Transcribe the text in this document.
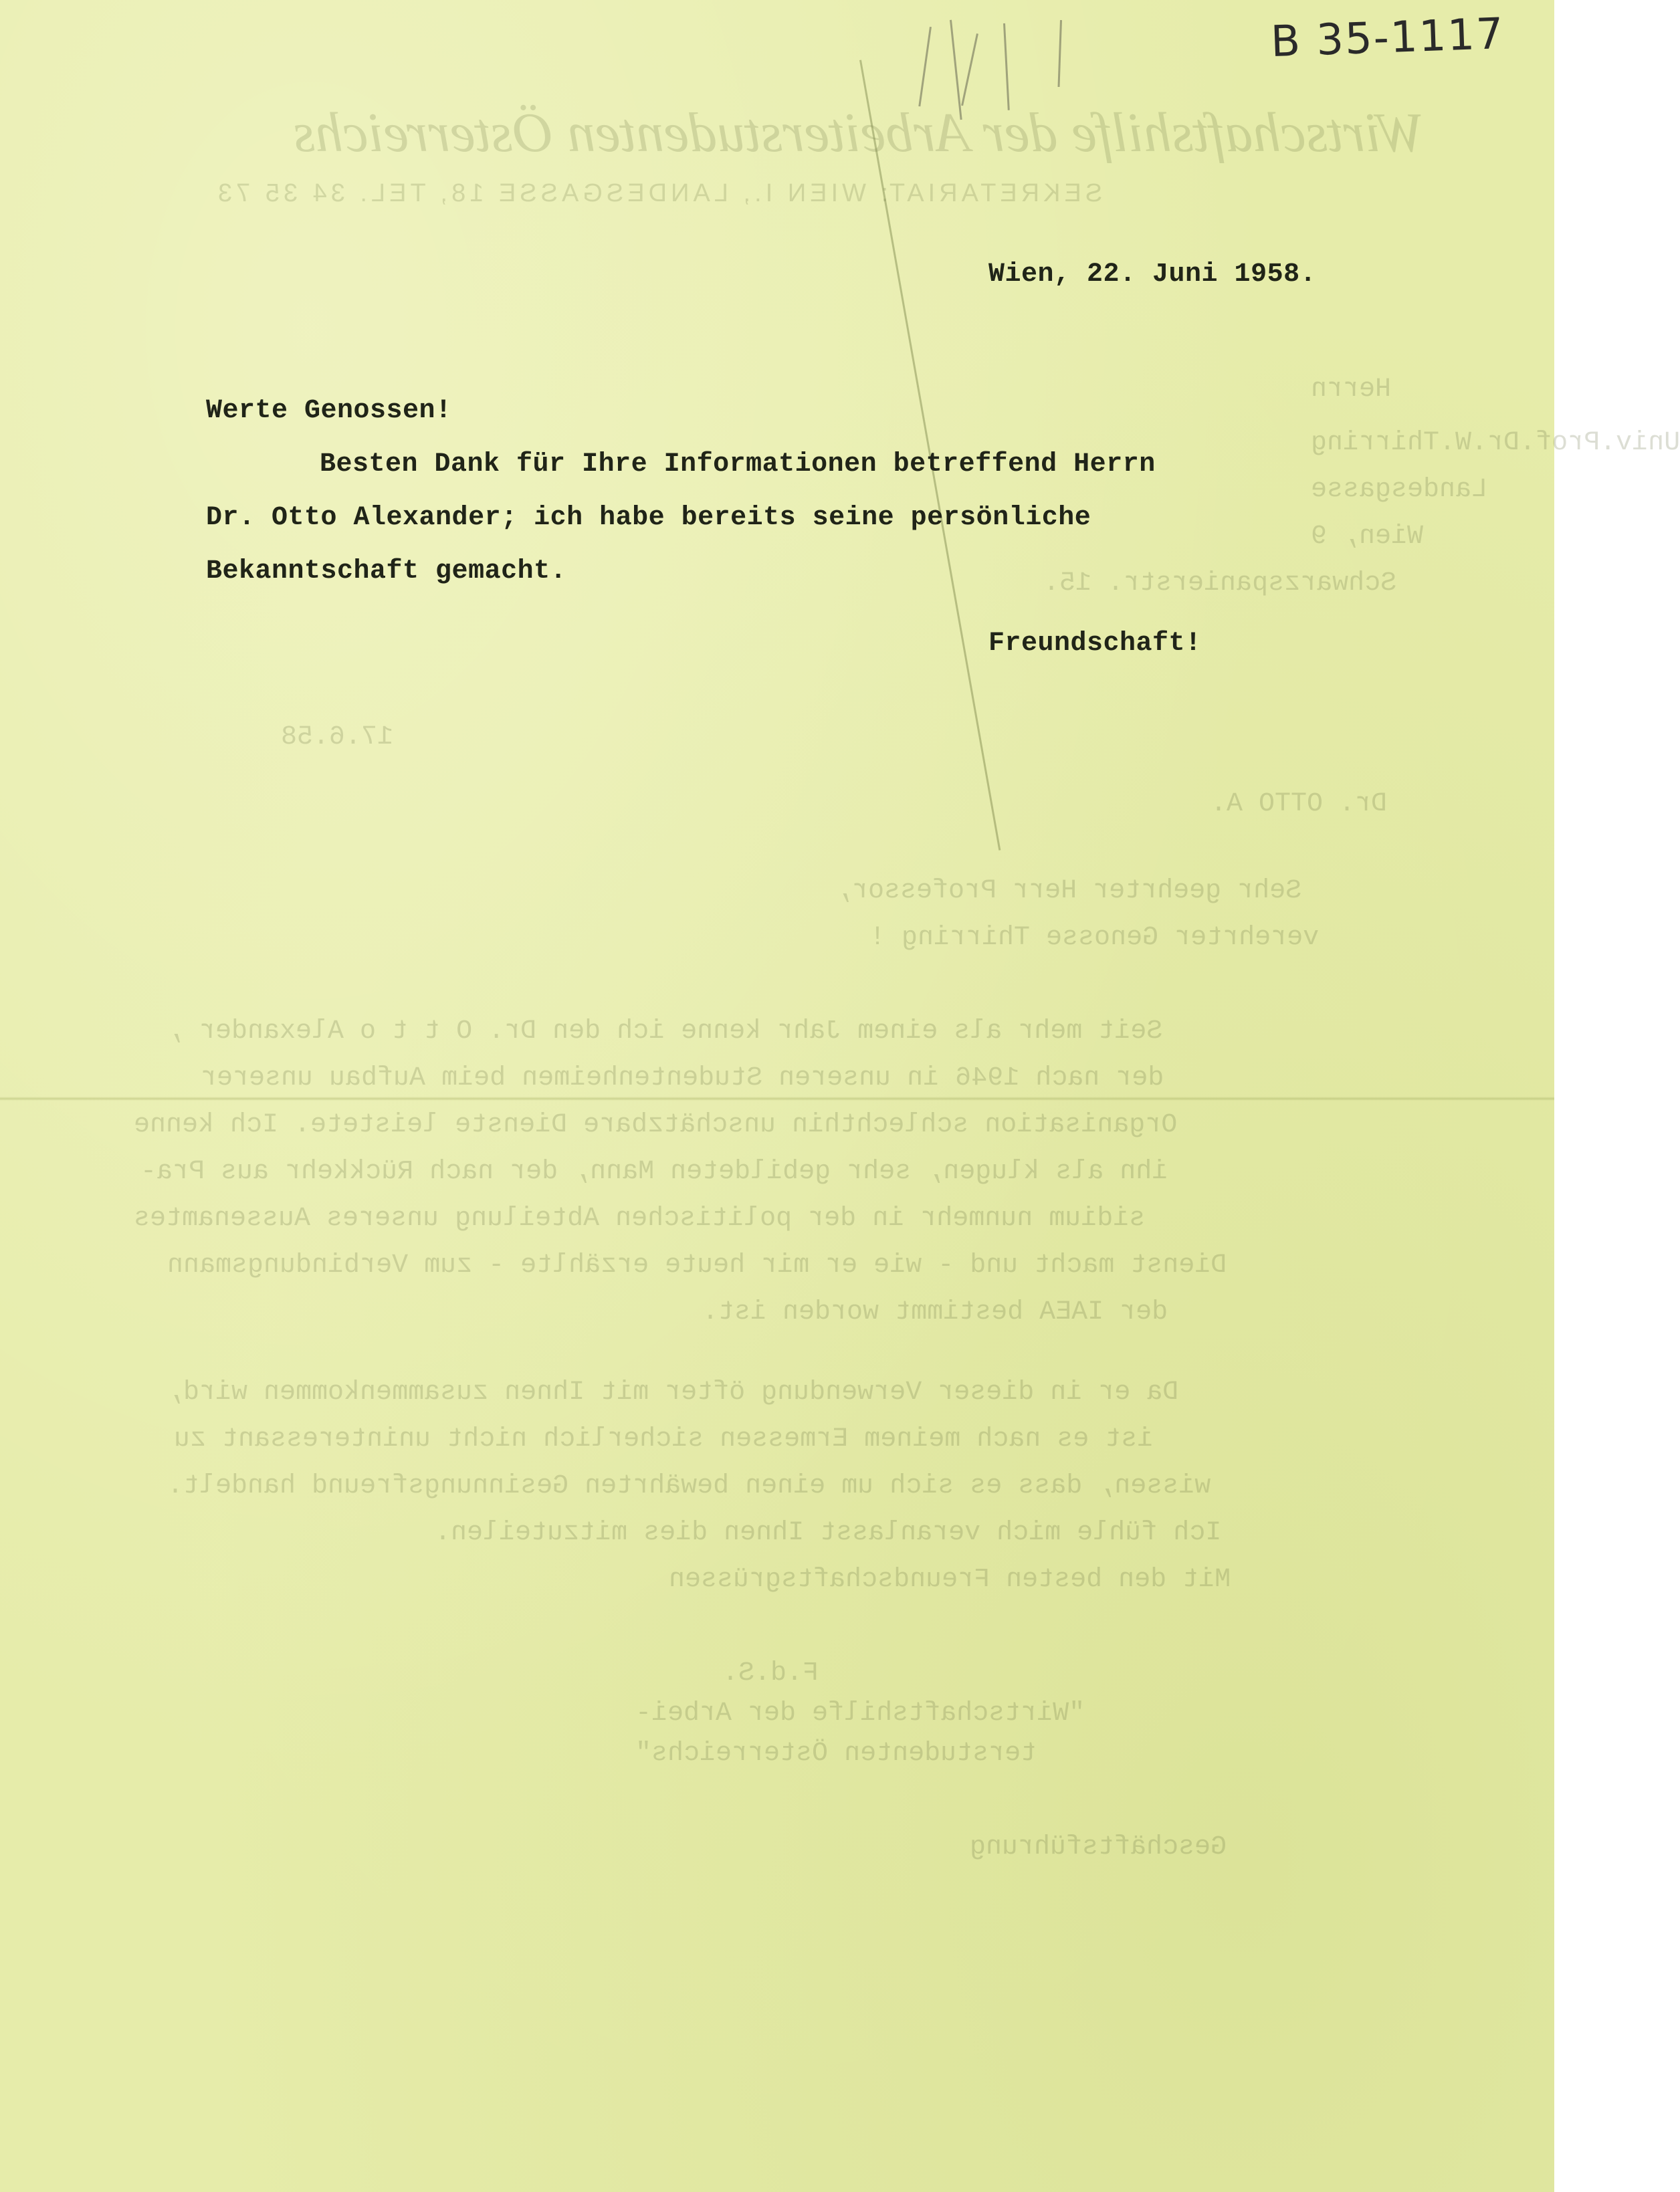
Wirtschaftshilfe der Arbeiterstudenten Österreichs
SEKRETARIAT: WIEN I., LANDESGASSE 18, TEL. 34 35 73
Herrn
Univ.Prof.Dr.W.Thirring
Landesgasse
Wien, 9
Schwarzspanierstr. 15.
17.6.58
Dr. OTTO A.
Sehr geehrter Herr Professor,
verehrter Genosse Thirring !
Seit mehr als einem Jahr kenne ich den Dr. O t t o Alexander ,
der nach 1946 in unseren Studentenheimen beim Aufbau unserer
Organisation schlechthin unschätzbare Dienste leistete. Ich kenne
ihn als klugen, sehr gebildeten Mann, der nach Rückkehr aus Pra-
sidium nunmehr in der politischen Abteilung unseres Aussenamtes
Dienst macht und - wie er mir heute erzählte - zum Verbindungsmann
der IAEA bestimmt worden ist.
Da er in dieser Verwendung öfter mit Ihnen zusammenkommen wird,
ist es nach meinem Ermessen sicherlich nicht uninteressant zu
wissen, dass es sich um einen bewährten Gesinnungsfreund handelt.
Ich fühle mich veranlasst Ihnen dies mitzuteilen.
Mit den besten Freundschaftsgrüssen
F.d.S.
"Wirtschaftshilfe der Arbei-
terstudenten Österreichs"
Geschäftsführung
B 35-1117
Wien, 22. Juni 1958.
Werte Genossen!
Besten Dank für Ihre Informationen betreffend Herrn
Dr. Otto Alexander; ich habe bereits seine persönliche
Bekanntschaft gemacht.
Freundschaft!
